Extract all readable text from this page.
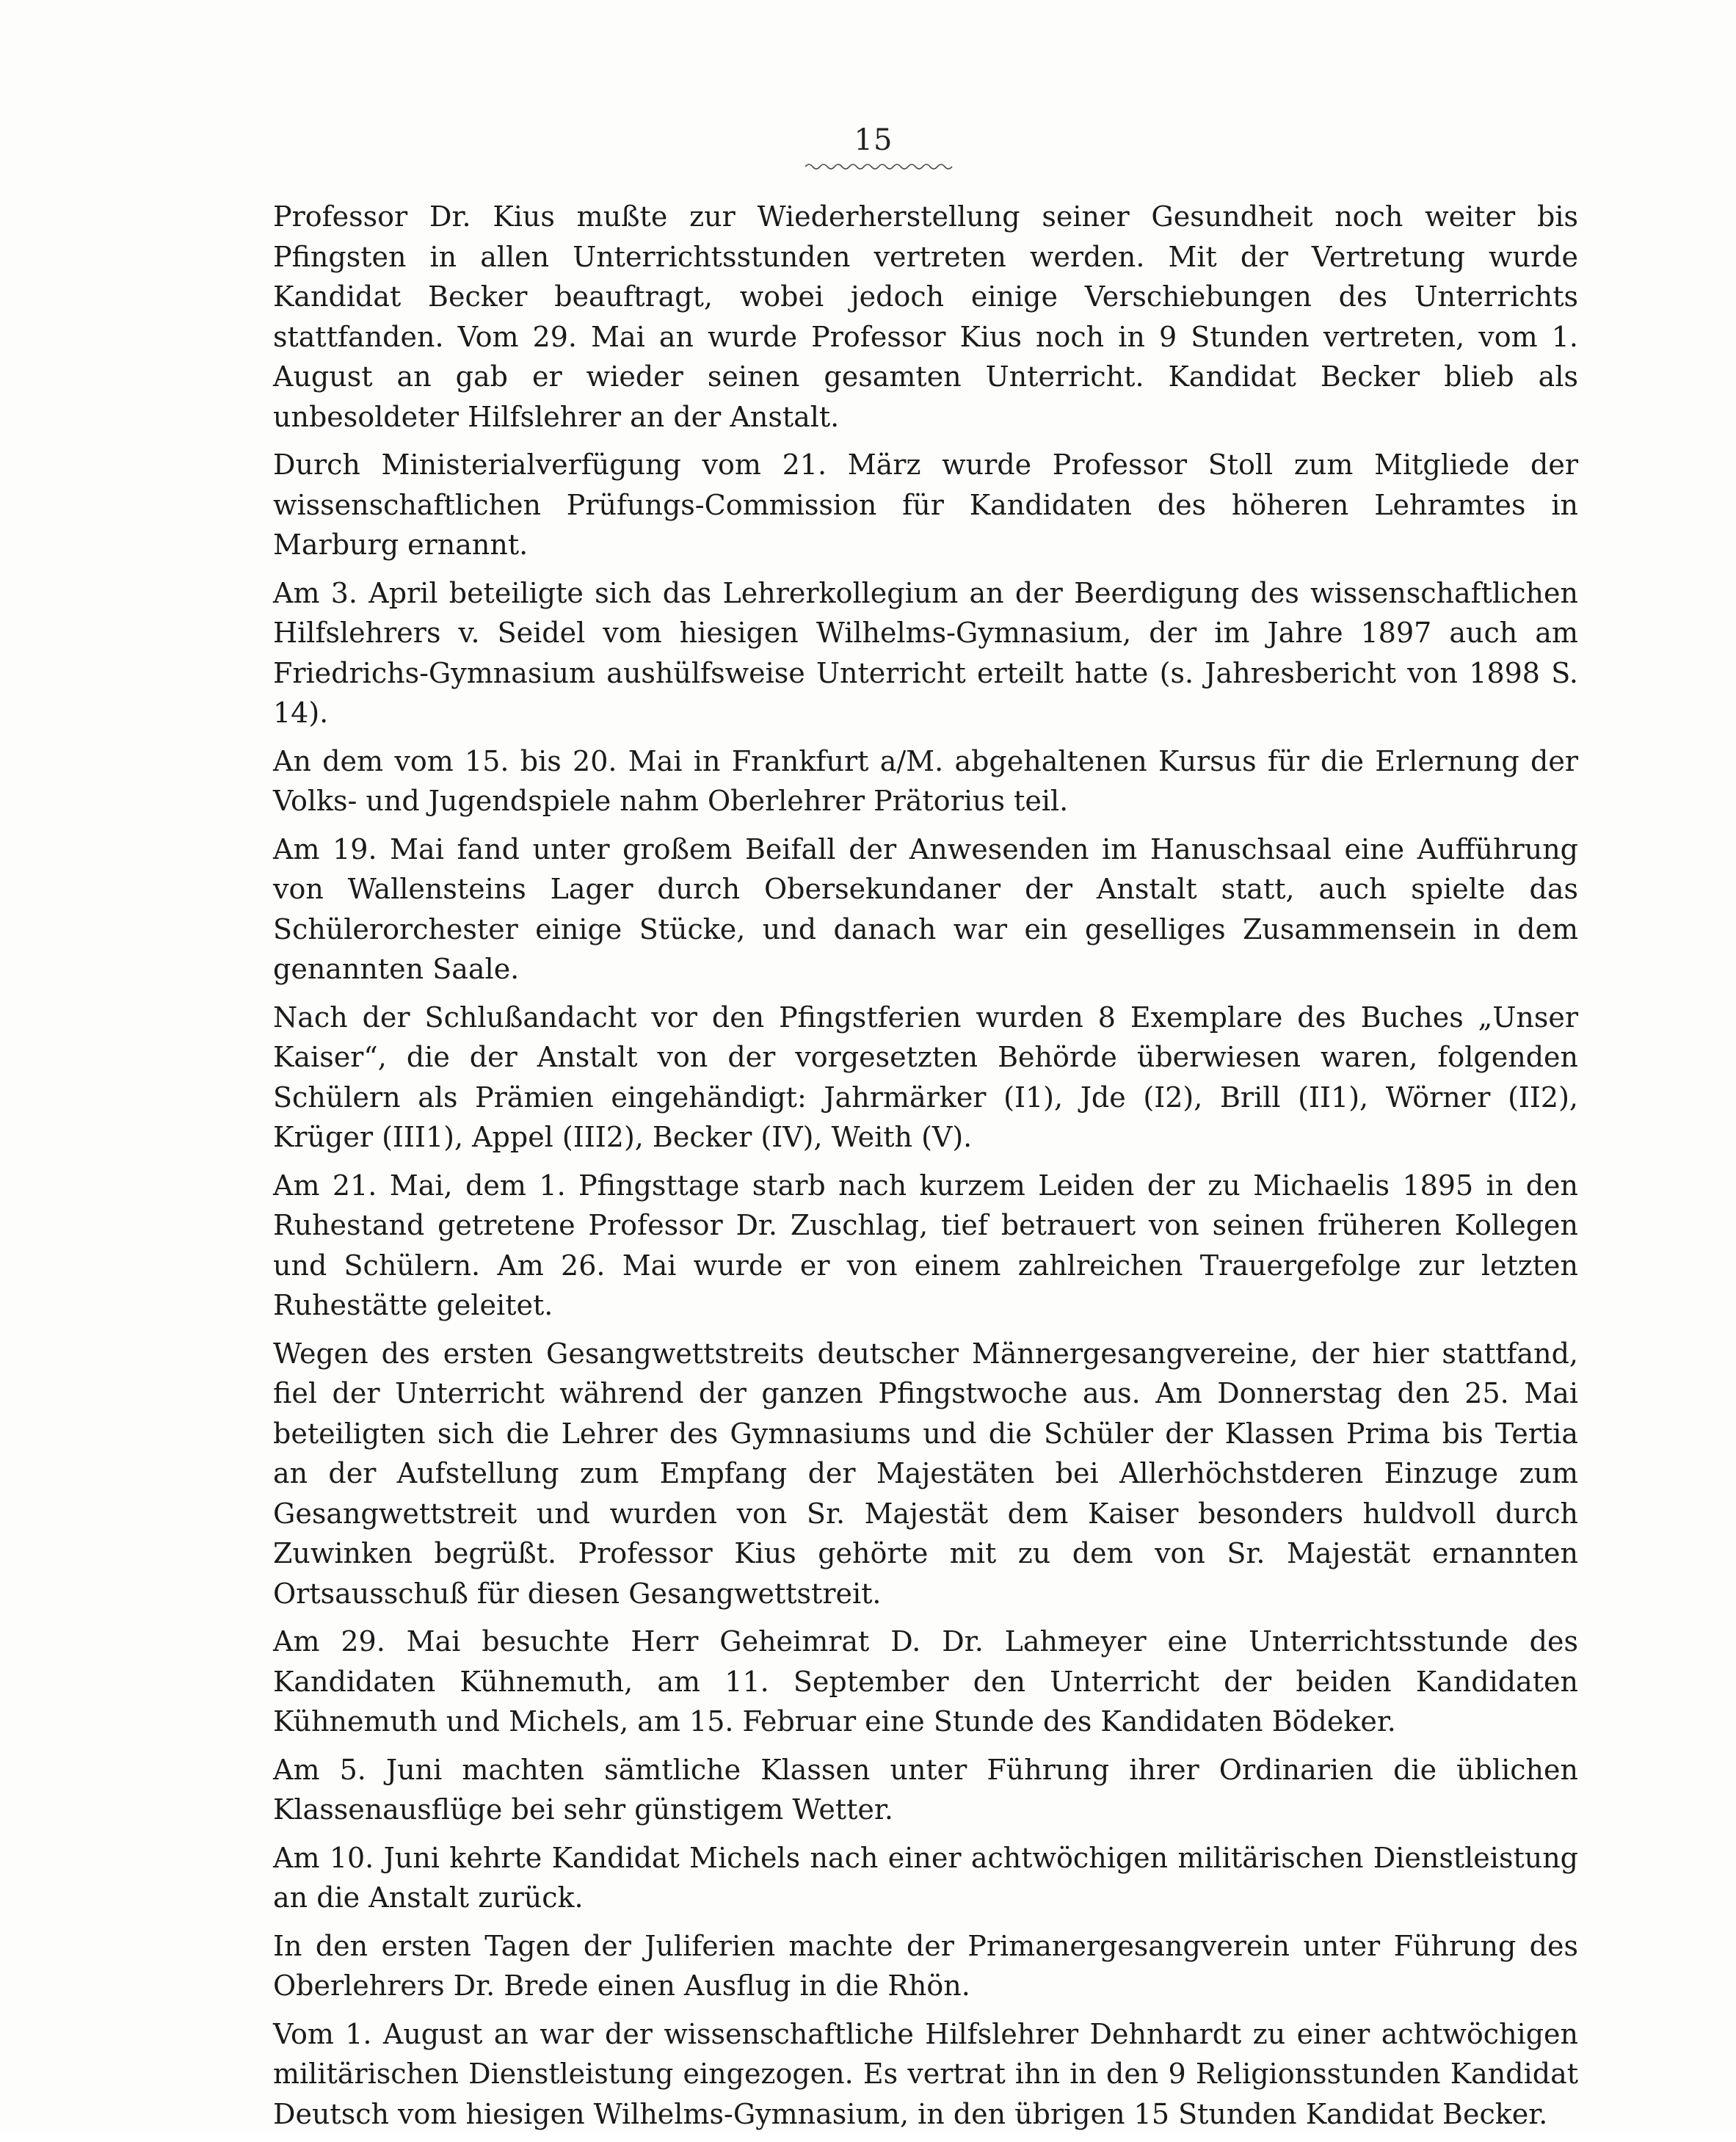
15

Professor Dr. Kius mußte zur Wiederherstellung seiner Gesundheit noch weiter bis Pfingsten in allen Unterrichtsstunden vertreten werden. Mit der Vertretung wurde Kandidat Becker beauftragt, wobei jedoch einige Verschiebungen des Unterrichts stattfanden. Vom 29. Mai an wurde Professor Kius noch in 9 Stunden vertreten, vom 1. August an gab er wieder seinen gesamten Unterricht. Kandidat Becker blieb als unbesoldeter Hilfslehrer an der Anstalt.

Durch Ministerialverfügung vom 21. März wurde Professor Stoll zum Mitgliede der wissenschaftlichen Prüfungs-Commission für Kandidaten des höheren Lehramtes in Marburg ernannt.

Am 3. April beteiligte sich das Lehrerkollegium an der Beerdigung des wissenschaftlichen Hilfslehrers v. Seidel vom hiesigen Wilhelms-Gymnasium, der im Jahre 1897 auch am Friedrichs-Gymnasium aushülfsweise Unterricht erteilt hatte (s. Jahresbericht von 1898 S. 14).

An dem vom 15. bis 20. Mai in Frankfurt a/M. abgehaltenen Kursus für die Erlernung der Volks- und Jugendspiele nahm Oberlehrer Prätorius teil.

Am 19. Mai fand unter großem Beifall der Anwesenden im Hanuschsaal eine Aufführung von Wallensteins Lager durch Obersekundaner der Anstalt statt, auch spielte das Schülerorchester einige Stücke, und danach war ein geselliges Zusammensein in dem genannten Saale.

Nach der Schlußandacht vor den Pfingstferien wurden 8 Exemplare des Buches „Unser Kaiser“, die der Anstalt von der vorgesetzten Behörde überwiesen waren, folgenden Schülern als Prämien eingehändigt: Jahrmärker (I1), Jde (I2), Brill (II1), Wörner (II2), Krüger (III1), Appel (III2), Becker (IV), Weith (V).

Am 21. Mai, dem 1. Pfingsttage starb nach kurzem Leiden der zu Michaelis 1895 in den Ruhestand getretene Professor Dr. Zuschlag, tief betrauert von seinen früheren Kollegen und Schülern. Am 26. Mai wurde er von einem zahlreichen Trauergefolge zur letzten Ruhestätte geleitet.

Wegen des ersten Gesangwettstreits deutscher Männergesangvereine, der hier stattfand, fiel der Unterricht während der ganzen Pfingstwoche aus. Am Donnerstag den 25. Mai beteiligten sich die Lehrer des Gymnasiums und die Schüler der Klassen Prima bis Tertia an der Aufstellung zum Empfang der Majestäten bei Allerhöchstderen Einzuge zum Gesangwettstreit und wurden von Sr. Majestät dem Kaiser besonders huldvoll durch Zuwinken begrüßt. Professor Kius gehörte mit zu dem von Sr. Majestät ernannten Ortsausschuß für diesen Gesangwettstreit.

Am 29. Mai besuchte Herr Geheimrat D. Dr. Lahmeyer eine Unterrichtsstunde des Kandidaten Kühnemuth, am 11. September den Unterricht der beiden Kandidaten Kühnemuth und Michels, am 15. Februar eine Stunde des Kandidaten Bödeker.

Am 5. Juni machten sämtliche Klassen unter Führung ihrer Ordinarien die üblichen Klassenausflüge bei sehr günstigem Wetter.

Am 10. Juni kehrte Kandidat Michels nach einer achtwöchigen militärischen Dienstleistung an die Anstalt zurück.

In den ersten Tagen der Juliferien machte der Primanergesangverein unter Führung des Oberlehrers Dr. Brede einen Ausflug in die Rhön.

Vom 1. August an war der wissenschaftliche Hilfslehrer Dehnhardt zu einer achtwöchigen militärischen Dienstleistung eingezogen. Es vertrat ihn in den 9 Religionsstunden Kandidat Deutsch vom hiesigen Wilhelms-Gymnasium, in den übrigen 15 Stunden Kandidat Becker.
